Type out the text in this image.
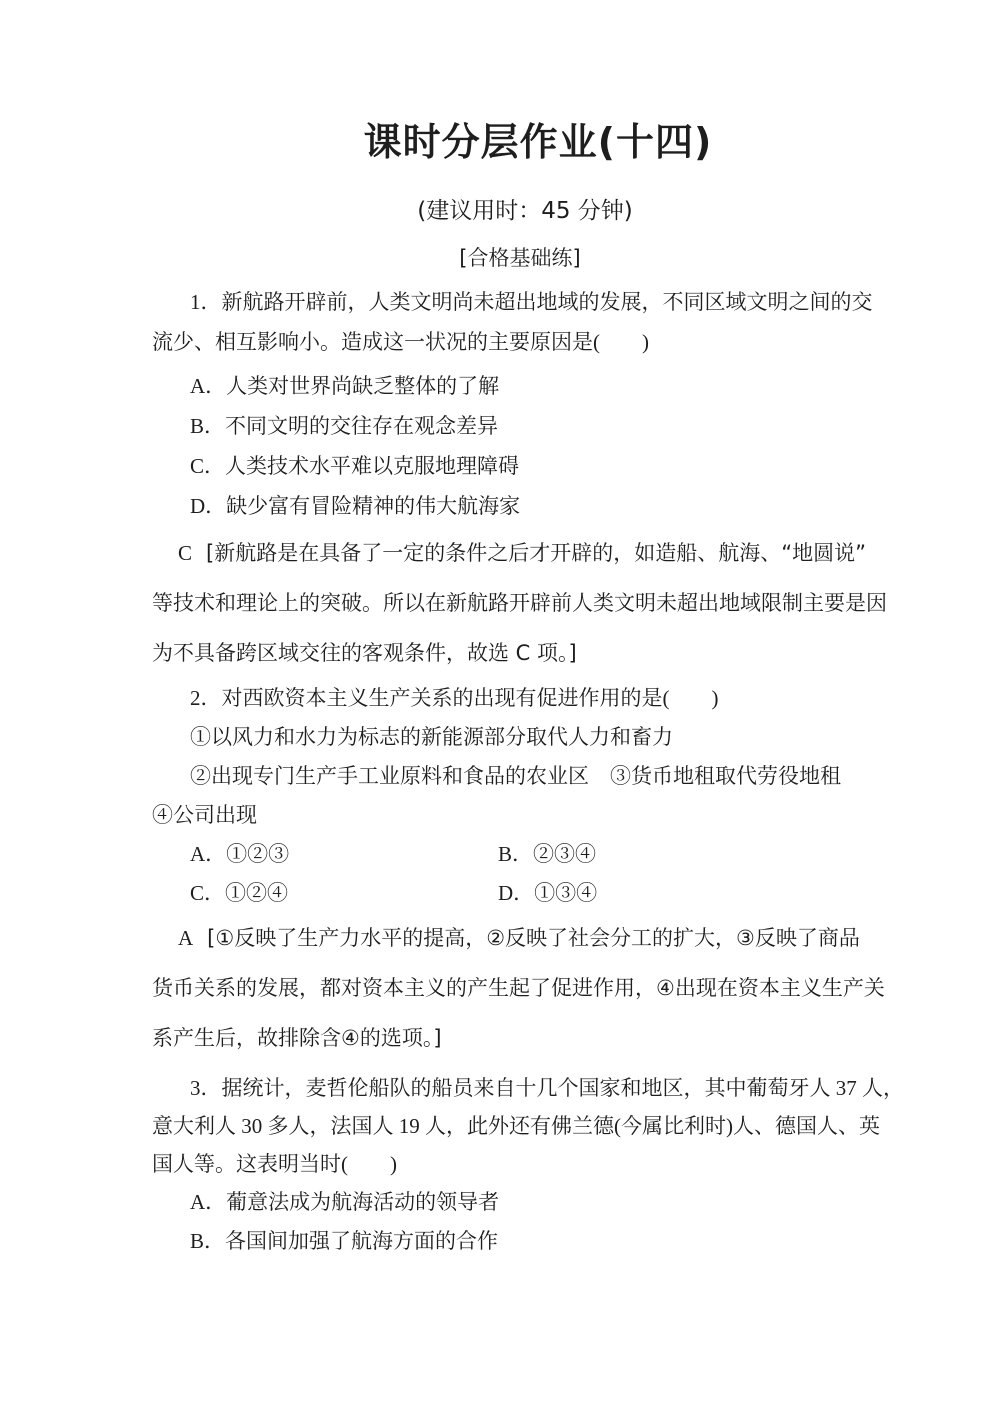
课时分层作业(十四)
(建议用时：45 分钟)
[合格基础练]
1．新航路开辟前，人类文明尚未超出地域的发展，不同区域文明之间的交
流少、相互影响小。造成这一状况的主要原因是(　　)
A．人类对世界尚缺乏整体的了解
B．不同文明的交往存在观念差异
C．人类技术水平难以克服地理障碍
D．缺少富有冒险精神的伟大航海家
C [新航路是在具备了一定的条件之后才开辟的，如造船、航海、“地圆说”
等技术和理论上的突破。所以在新航路开辟前人类文明未超出地域限制主要是因
为不具备跨区域交往的客观条件，故选 C 项。]
2．对西欧资本主义生产关系的出现有促进作用的是(　　)
①以风力和水力为标志的新能源部分取代人力和畜力
②出现专门生产手工业原料和食品的农业区　③货币地租取代劳役地租
④公司出现
A．①②③	B．②③④
C．①②④	D．①③④
A [①反映了生产力水平的提高，②反映了社会分工的扩大，③反映了商品
货币关系的发展，都对资本主义的产生起了促进作用，④出现在资本主义生产关
系产生后，故排除含④的选项。]
3．据统计，麦哲伦船队的船员来自十几个国家和地区，其中葡萄牙人 37 人，
意大利人 30 多人，法国人 19 人，此外还有佛兰德(今属比利时)人、德国人、英
国人等。这表明当时(　　)
A．葡意法成为航海活动的领导者
B．各国间加强了航海方面的合作
